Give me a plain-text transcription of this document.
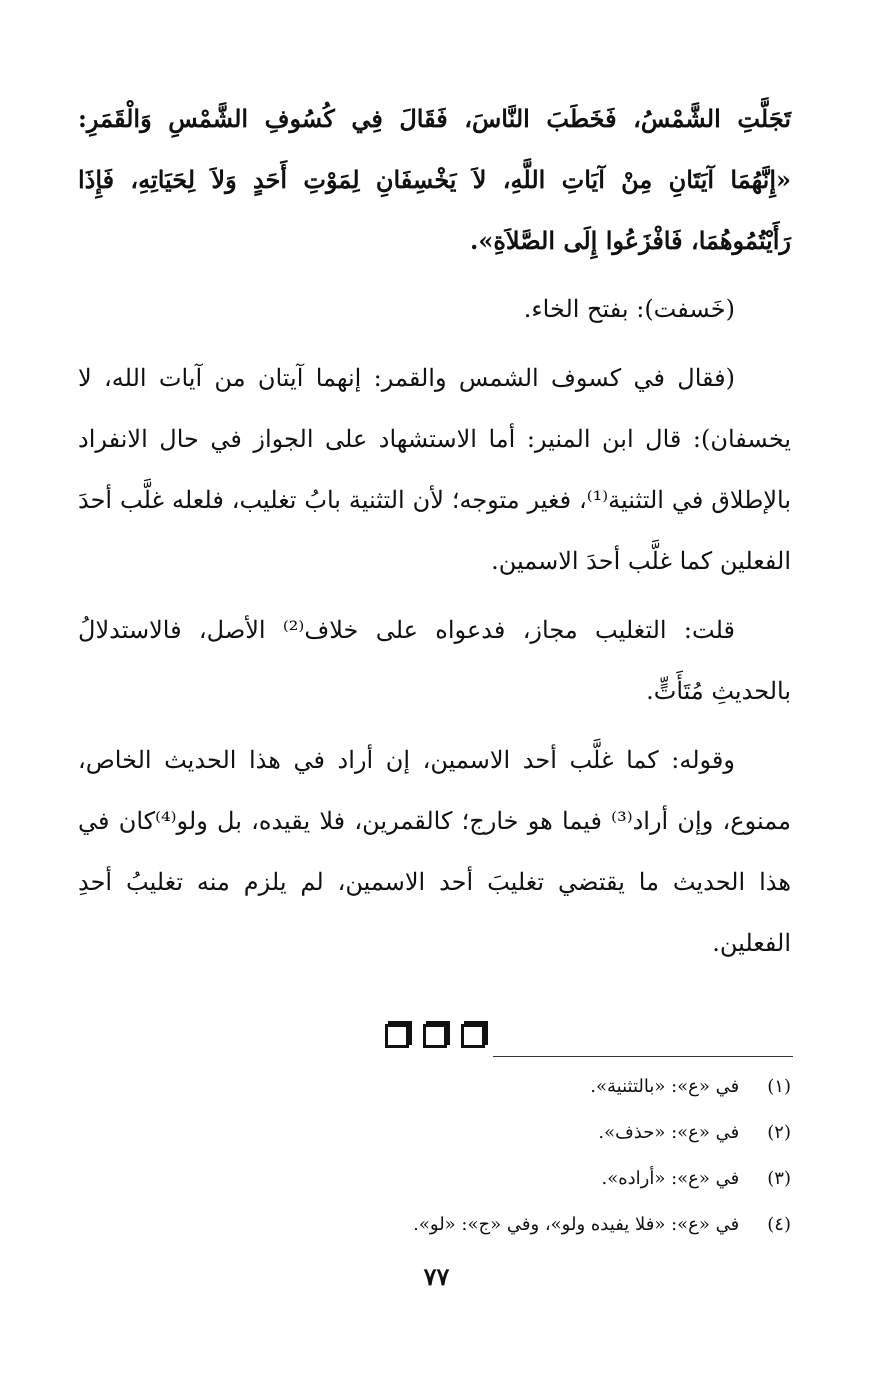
تَجَلَّتِ الشَّمْسُ، فَخَطَبَ النَّاسَ، فَقَالَ فِي كُسُوفِ الشَّمْسِ وَالْقَمَرِ: «إِنَّهُمَا آيَتَانِ مِنْ آيَاتِ اللَّهِ، لاَ يَخْسِفَانِ لِمَوْتِ أَحَدٍ وَلاَ لِحَيَاتِهِ، فَإِذَا رَأَيْتُمُوهُمَا، فَافْزَعُوا إِلَى الصَّلاَةِ».

(خَسفت): بفتح الخاء.

(فقال في كسوف الشمس والقمر: إنهما آيتان من آيات الله، لا يخسفان): قال ابن المنير: أما الاستشهاد على الجواز في حال الانفراد بالإطلاق في التثنية⁽¹⁾، فغير متوجه؛ لأن التثنية بابُ تغليب، فلعله غلَّب أحدَ الفعلين كما غلَّب أحدَ الاسمين.

قلت: التغليب مجاز، فدعواه على خلاف⁽²⁾ الأصل، فالاستدلالُ بالحديثِ مُتَأَتٍّ.

وقوله: كما غلَّب أحد الاسمين، إن أراد في هذا الحديث الخاص، ممنوع، وإن أراد⁽³⁾ فيما هو خارج؛ كالقمرين، فلا يقيده، بل ولو⁽⁴⁾كان في هذا الحديث ما يقتضي تغليبَ أحد الاسمين، لم يلزم منه تغليبُ أحدِ الفعلين.

(١) في «ع»: «بالتثنية».
(٢) في «ع»: «حذف».
(٣) في «ع»: «أراده».
(٤) في «ع»: «فلا يفيده ولو»، وفي «ج»: «لو».
٧٧
